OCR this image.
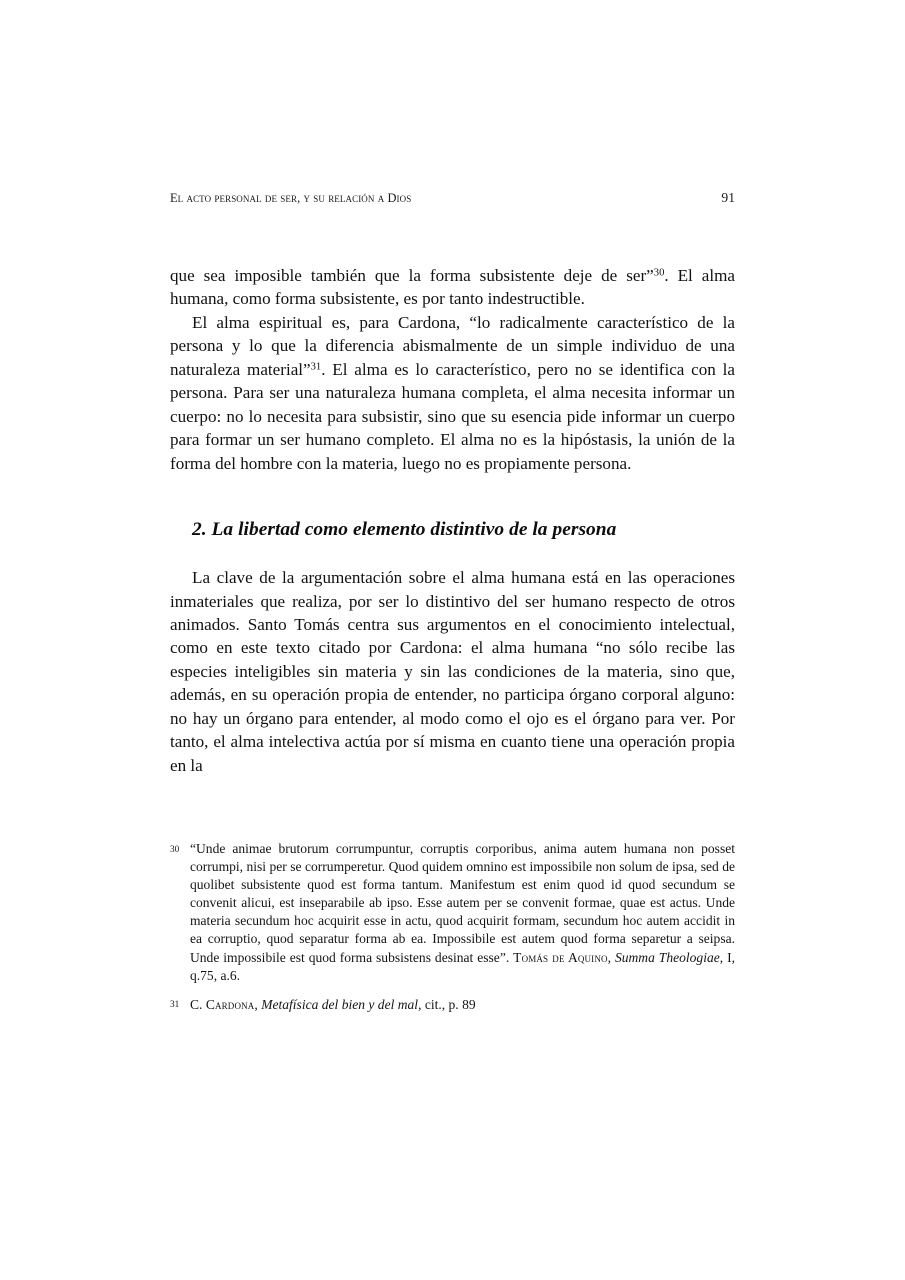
El acto personal de ser, y su relación a Dios	91

que sea imposible también que la forma subsistente deje de ser”$^{30}$. El alma humana, como forma subsistente, es por tanto indestructible.

El alma espiritual es, para Cardona, “lo radicalmente característico de la persona y lo que la diferencia abismalmente de un simple individuo de una naturaleza material”$^{31}$. El alma es lo característico, pero no se identifica con la persona. Para ser una naturaleza humana completa, el alma necesita informar un cuerpo: no lo necesita para subsistir, sino que su esencia pide informar un cuerpo para formar un ser humano completo. El alma no es la hipóstasis, la unión de la forma del hombre con la materia, luego no es propiamente persona.

2. La libertad como elemento distintivo de la persona

La clave de la argumentación sobre el alma humana está en las operaciones inmateriales que realiza, por ser lo distintivo del ser humano respecto de otros animados. Santo Tomás centra sus argumentos en el conocimiento intelectual, como en este texto citado por Cardona: el alma humana “no sólo recibe las especies inteligibles sin materia y sin las condiciones de la materia, sino que, además, en su operación propia de entender, no participa órgano corporal alguno: no hay un órgano para entender, al modo como el ojo es el órgano para ver. Por tanto, el alma intelectiva actúa por sí misma en cuanto tiene una operación propia en la

30 “Unde animae brutorum corrumpuntur, corruptis corporibus, anima autem humana non posset corrumpi, nisi per se corrumperetur. Quod quidem omnino est impossibile non solum de ipsa, sed de quolibet subsistente quod est forma tantum. Manifestum est enim quod id quod secundum se convenit alicui, est inseparabile ab ipso. Esse autem per se convenit formae, quae est actus. Unde materia secundum hoc acquirit esse in actu, quod acquirit formam, secundum hoc autem accidit in ea corruptio, quod separatur forma ab ea. Impossibile est autem quod forma separetur a seipsa. Unde impossibile est quod forma subsistens desinat esse”. Tomás de Aquino, Summa Theologiae, I, q.75, a.6.
31 C. Cardona, Metafísica del bien y del mal, cit., p. 89
